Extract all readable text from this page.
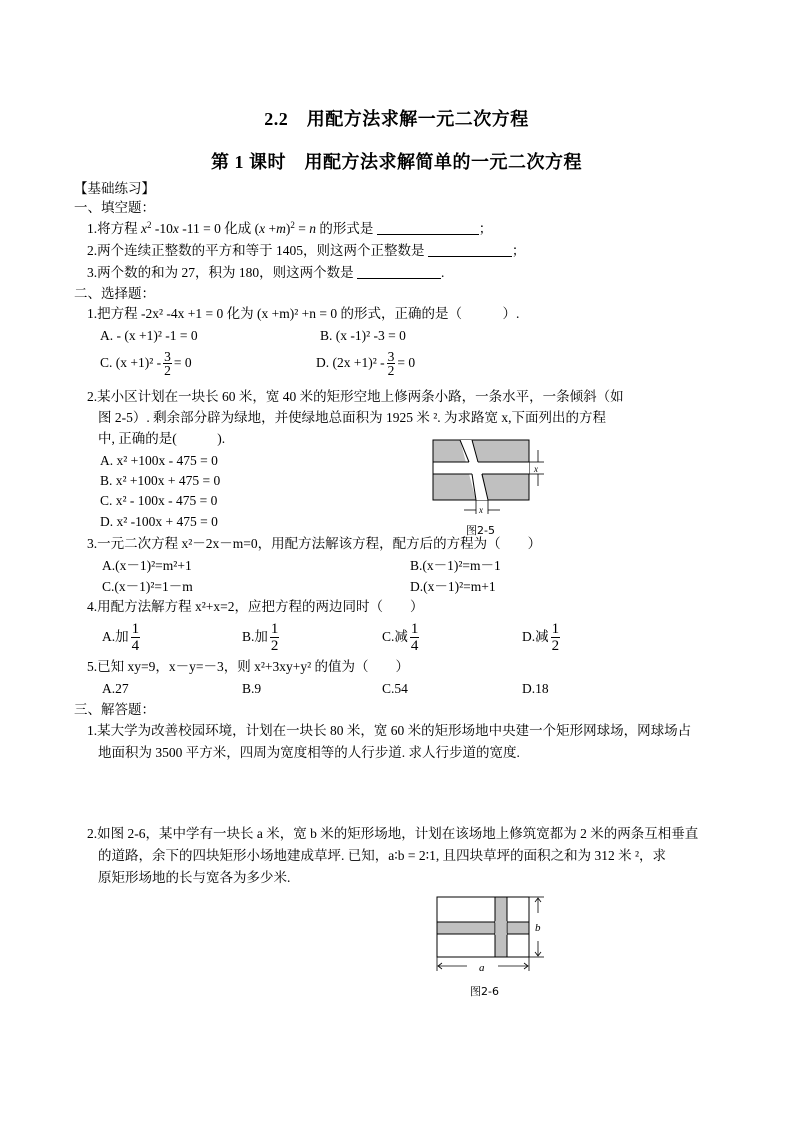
2.2　用配方法求解一元二次方程
第 1 课时　用配方法求解简单的一元二次方程
【基础练习】
一、填空题：
1.将方程 $x^2$ -10x -11 = 0 化成 $(x +m)^2 = n$ 的形式是	；
2.两个连续正整数的平方和等于 1405，则这两个正整数是	；
3.两个数的和为 27，积为 180，则这两个数是	.
二、选择题：
1.把方程 -2x² -4x +1 = 0 化为 (x +m)² +n = 0 的形式，正确的是（　　　）.
A. - (x +1)² -1 = 0	B. (x -1)² -3 = 0
C. $(x +1)^2 - \frac{3}{2} = 0$	D. $(2x +1)^2 - \frac{3}{2} = 0$
2.某小区计划在一块长 60 米，宽 40 米的矩形空地上修两条小路，一条水平，一条倾斜（如
图 2-5）. 剩余部分辟为绿地，并使绿地总面积为 1925 米 ². 为求路宽 x,下面列出的方程
中, 正确的是(　　　).
A. x² +100x - 475 = 0
B. x² +100x + 475 = 0
C. x² - 100x - 475 = 0
D. x² -100x + 475 = 0
x
x
图2-5
3.一元二次方程 x²－2x－m=0，用配方法解该方程，配方后的方程为（　　）
A.(x－1)²=m²+1	B.(x－1)²=m－1
C.(x－1)²=1－m	D.(x－1)²=m+1
4.用配方法解方程 x²+x=2，应把方程的两边同时（　　）
A.加 $\frac{1}{4}$	B.加 $\frac{1}{2}$	C.减 $\frac{1}{4}$	D.减 $\frac{1}{2}$
5.已知 xy=9，x－y=－3，则 x²+3xy+y² 的值为（　　）
A.27	B.9	C.54	D.18
三、解答题：
1.某大学为改善校园环境，计划在一块长 80 米，宽 60 米的矩形场地中央建一个矩形网球场，网球场占
地面积为 3500 平方米，四周为宽度相等的人行步道. 求人行步道的宽度.
2.如图 2-6，某中学有一块长 a 米，宽 b 米的矩形场地，计划在该场地上修筑宽都为 2 米的两条互相垂直
的道路，余下的四块矩形小场地建成草坪. 已知，a∶b = 2∶1, 且四块草坪的面积之和为 312 米 ²，求
原矩形场地的长与宽各为多少米.
b
a
图2-6
